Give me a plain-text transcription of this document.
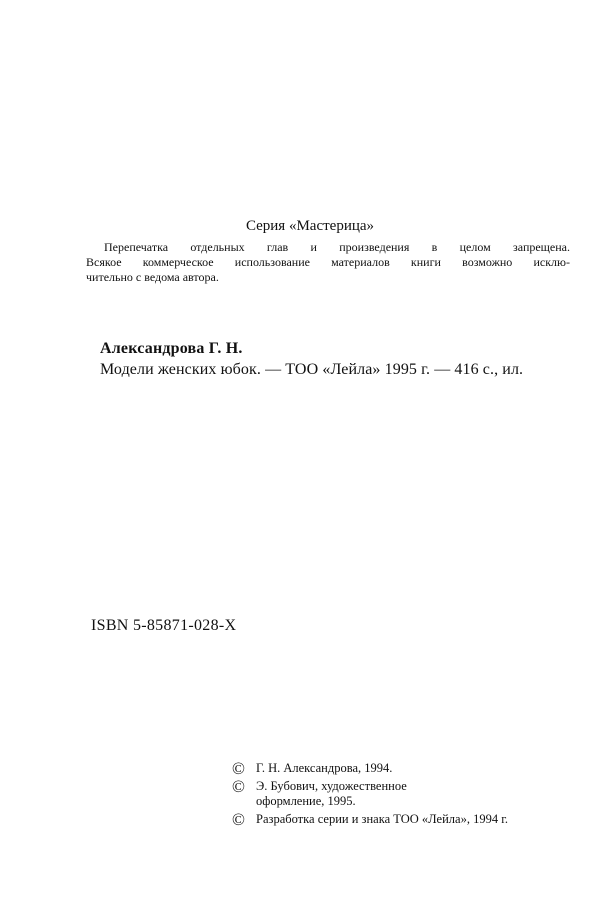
Серия «Мастерица»
Перепечатка отдельных глав и произведения в целом запрещена.
Всякое коммерческое использование материалов книги возможно исклю-
чительно с ведома автора.
Александрова Г. Н.
Модели женских юбок. — ТОО «Лейла» 1995 г. — 416 с., ил.
ISBN 5-85871-028-X
© Г. Н. Александрова, 1994.
© Э. Бубович, художественное
оформление, 1995.
© Разработка серии и знака ТОО «Лейла», 1994 г.
